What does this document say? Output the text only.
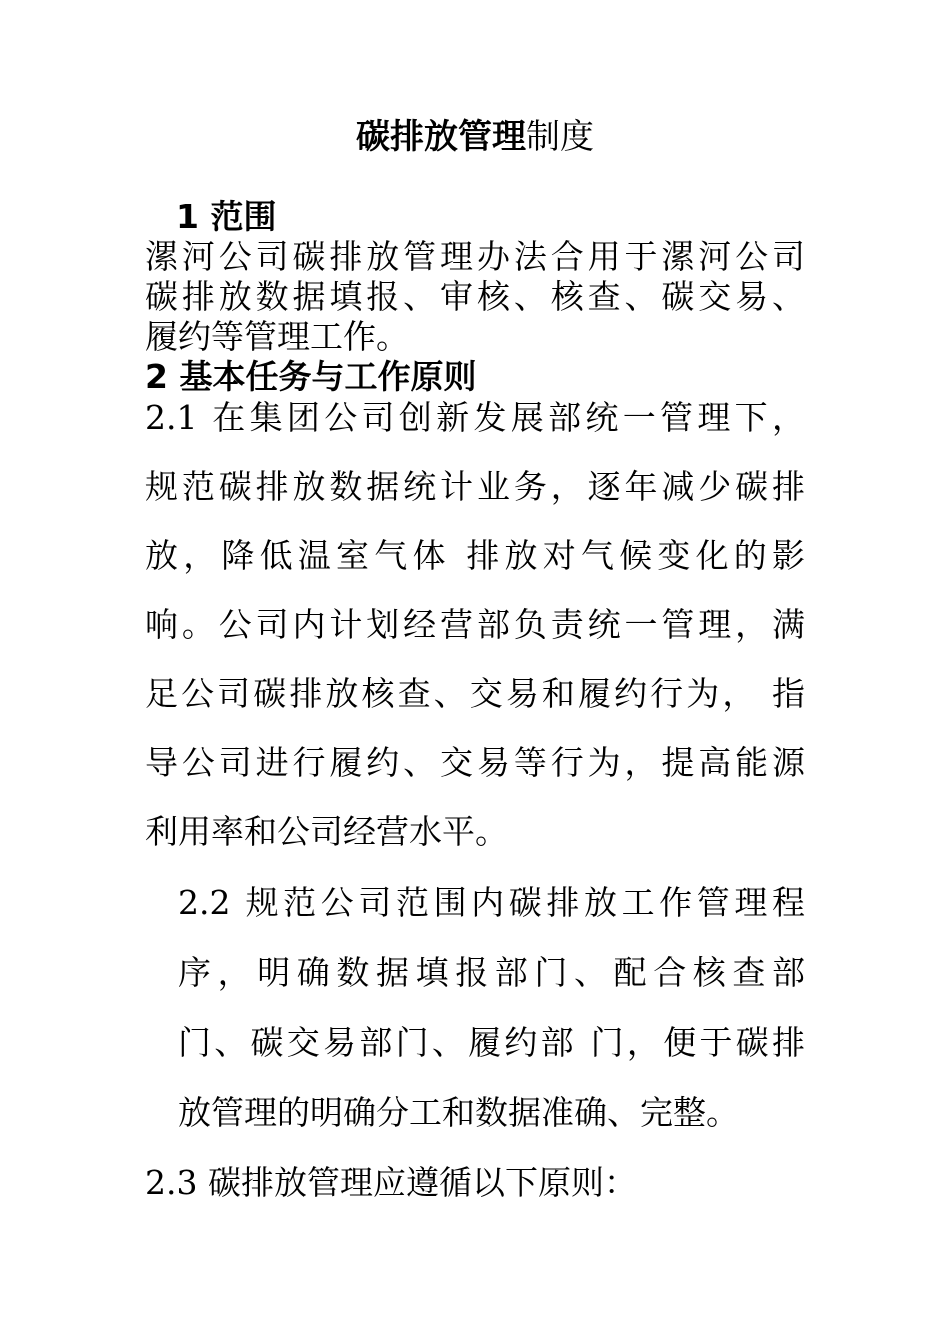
碳排放管理制度
1 范围
漯河公司碳排放管理办法合用于漯河公司
碳排放数据填报、审核、核查、碳交易、
履约等管理工作。
2 基本任务与工作原则
2.1 在集团公司创新发展部统一管理下，
规范碳排放数据统计业务，逐年减少碳排
放，降低温室气体 排放对气候变化的影
响。公司内计划经营部负责统一管理，满
足公司碳排放核查、交易和履约行为， 指
导公司进行履约、交易等行为，提高能源
利用率和公司经营水平。
2.2 规范公司范围内碳排放工作管理程
序，明确数据填报部门、配合核查部
门、碳交易部门、履约部 门，便于碳排
放管理的明确分工和数据准确、完整。
2.3 碳排放管理应遵循以下原则：
